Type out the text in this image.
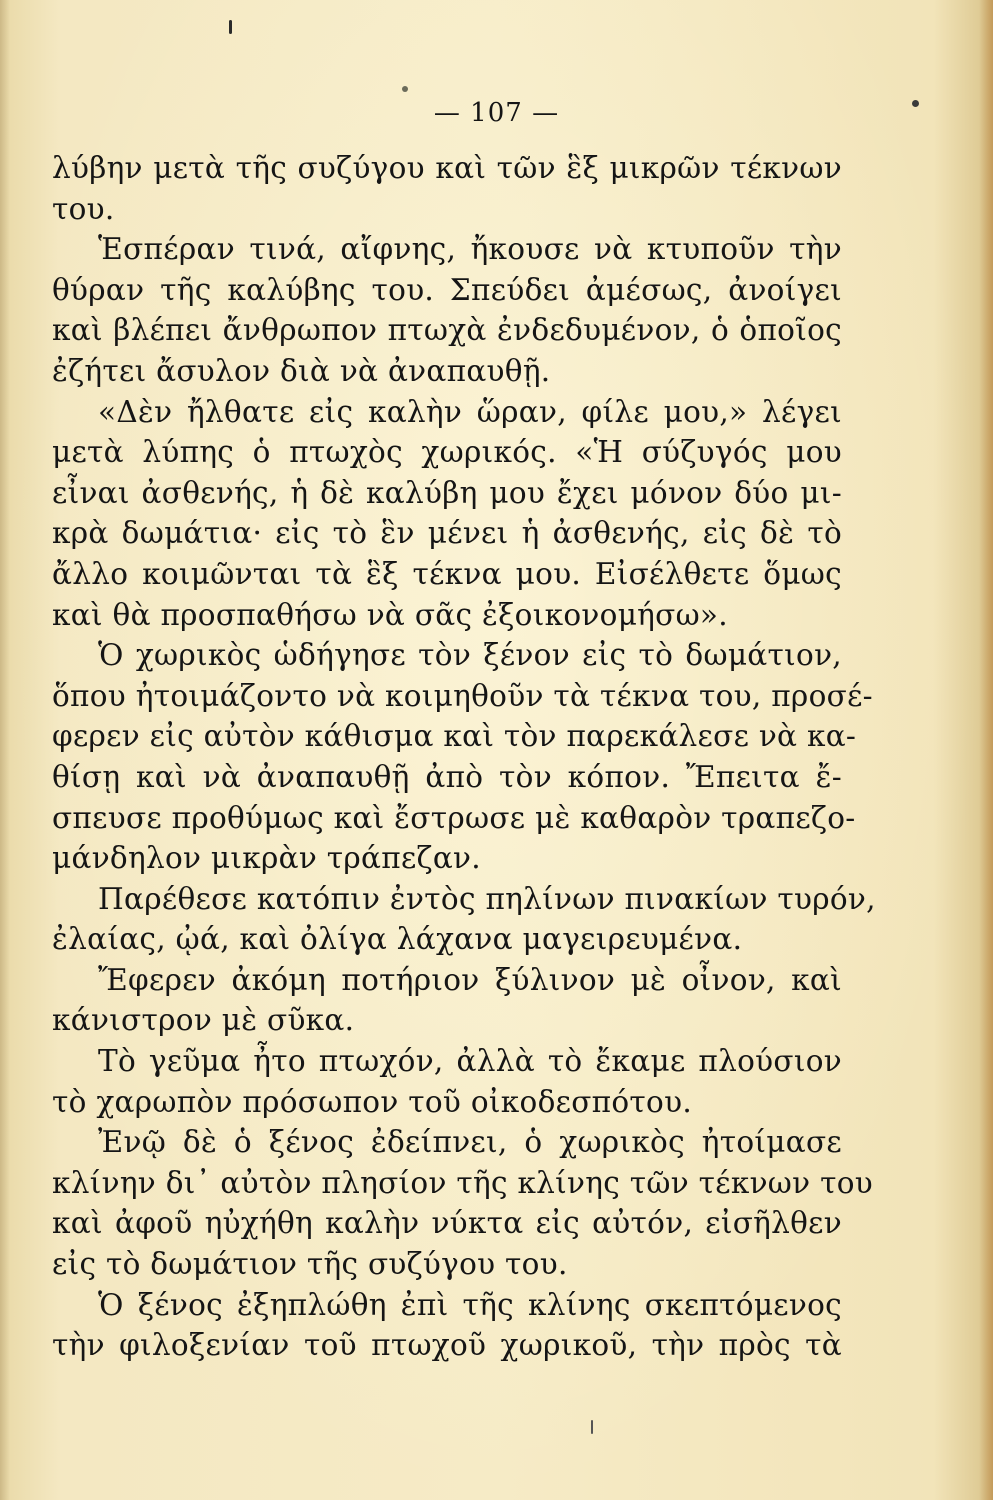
— 107 —
λύβην μετὰ τῆς συζύγου καὶ τῶν ἓξ μικρῶν τέκνων
του.
Ἑσπέραν τινά, αἴφνης, ἤκουσε νὰ κτυποῦν τὴν
θύραν τῆς καλύβης του. Σπεύδει ἀμέσως, ἀνοίγει
καὶ βλέπει ἄνθρωπον πτωχὰ ἐνδεδυμένον, ὁ ὁποῖος
ἐζήτει ἄσυλον διὰ νὰ ἀναπαυθῇ.
«Δὲν ἤλθατε εἰς καλὴν ὥραν, φίλε μου,» λέγει
μετὰ λύπης ὁ πτωχὸς χωρικός. «Ἡ σύζυγός μου
εἶναι ἀσθενής, ἡ δὲ καλύβη μου ἔχει μόνον δύο μι-
κρὰ δωμάτια· εἰς τὸ ἓν μένει ἡ ἀσθενής, εἰς δὲ τὸ
ἄλλο κοιμῶνται τὰ ἓξ τέκνα μου. Εἰσέλθετε ὅμως
καὶ θὰ προσπαθήσω νὰ σᾶς ἐξοικονομήσω».
Ὁ χωρικὸς ὡδήγησε τὸν ξένον εἰς τὸ δωμάτιον,
ὅπου ἠτοιμάζοντο νὰ κοιμηθοῦν τὰ τέκνα του, προσέ-
φερεν εἰς αὐτὸν κάθισμα καὶ τὸν παρεκάλεσε νὰ κα-
θίσῃ καὶ νὰ ἀναπαυθῇ ἀπὸ τὸν κόπον. Ἔπειτα ἔ-
σπευσε προθύμως καὶ ἔστρωσε μὲ καθαρὸν τραπεζο-
μάνδηλον μικρὰν τράπεζαν.
Παρέθεσε κατόπιν ἐντὸς πηλίνων πινακίων τυρόν,
ἐλαίας, ᾠά, καὶ ὀλίγα λάχανα μαγειρευμένα.
Ἔφερεν ἀκόμη ποτήριον ξύλινον μὲ οἶνον, καὶ
κάνιστρον μὲ σῦκα.
Τὸ γεῦμα ἦτο πτωχόν, ἀλλὰ τὸ ἔκαμε πλούσιον
τὸ χαρωπὸν πρόσωπον τοῦ οἰκοδεσπότου.
Ἐνῷ δὲ ὁ ξένος ἐδείπνει, ὁ χωρικὸς ἠτοίμασε
κλίνην δι᾽ αὐτὸν πλησίον τῆς κλίνης τῶν τέκνων του
καὶ ἀφοῦ ηὐχήθη καλὴν νύκτα εἰς αὐτόν, εἰσῆλθεν
εἰς τὸ δωμάτιον τῆς συζύγου του.
Ὁ ξένος ἐξηπλώθη ἐπὶ τῆς κλίνης σκεπτόμενος
τὴν φιλοξενίαν τοῦ πτωχοῦ χωρικοῦ, τὴν πρὸς τὰ
